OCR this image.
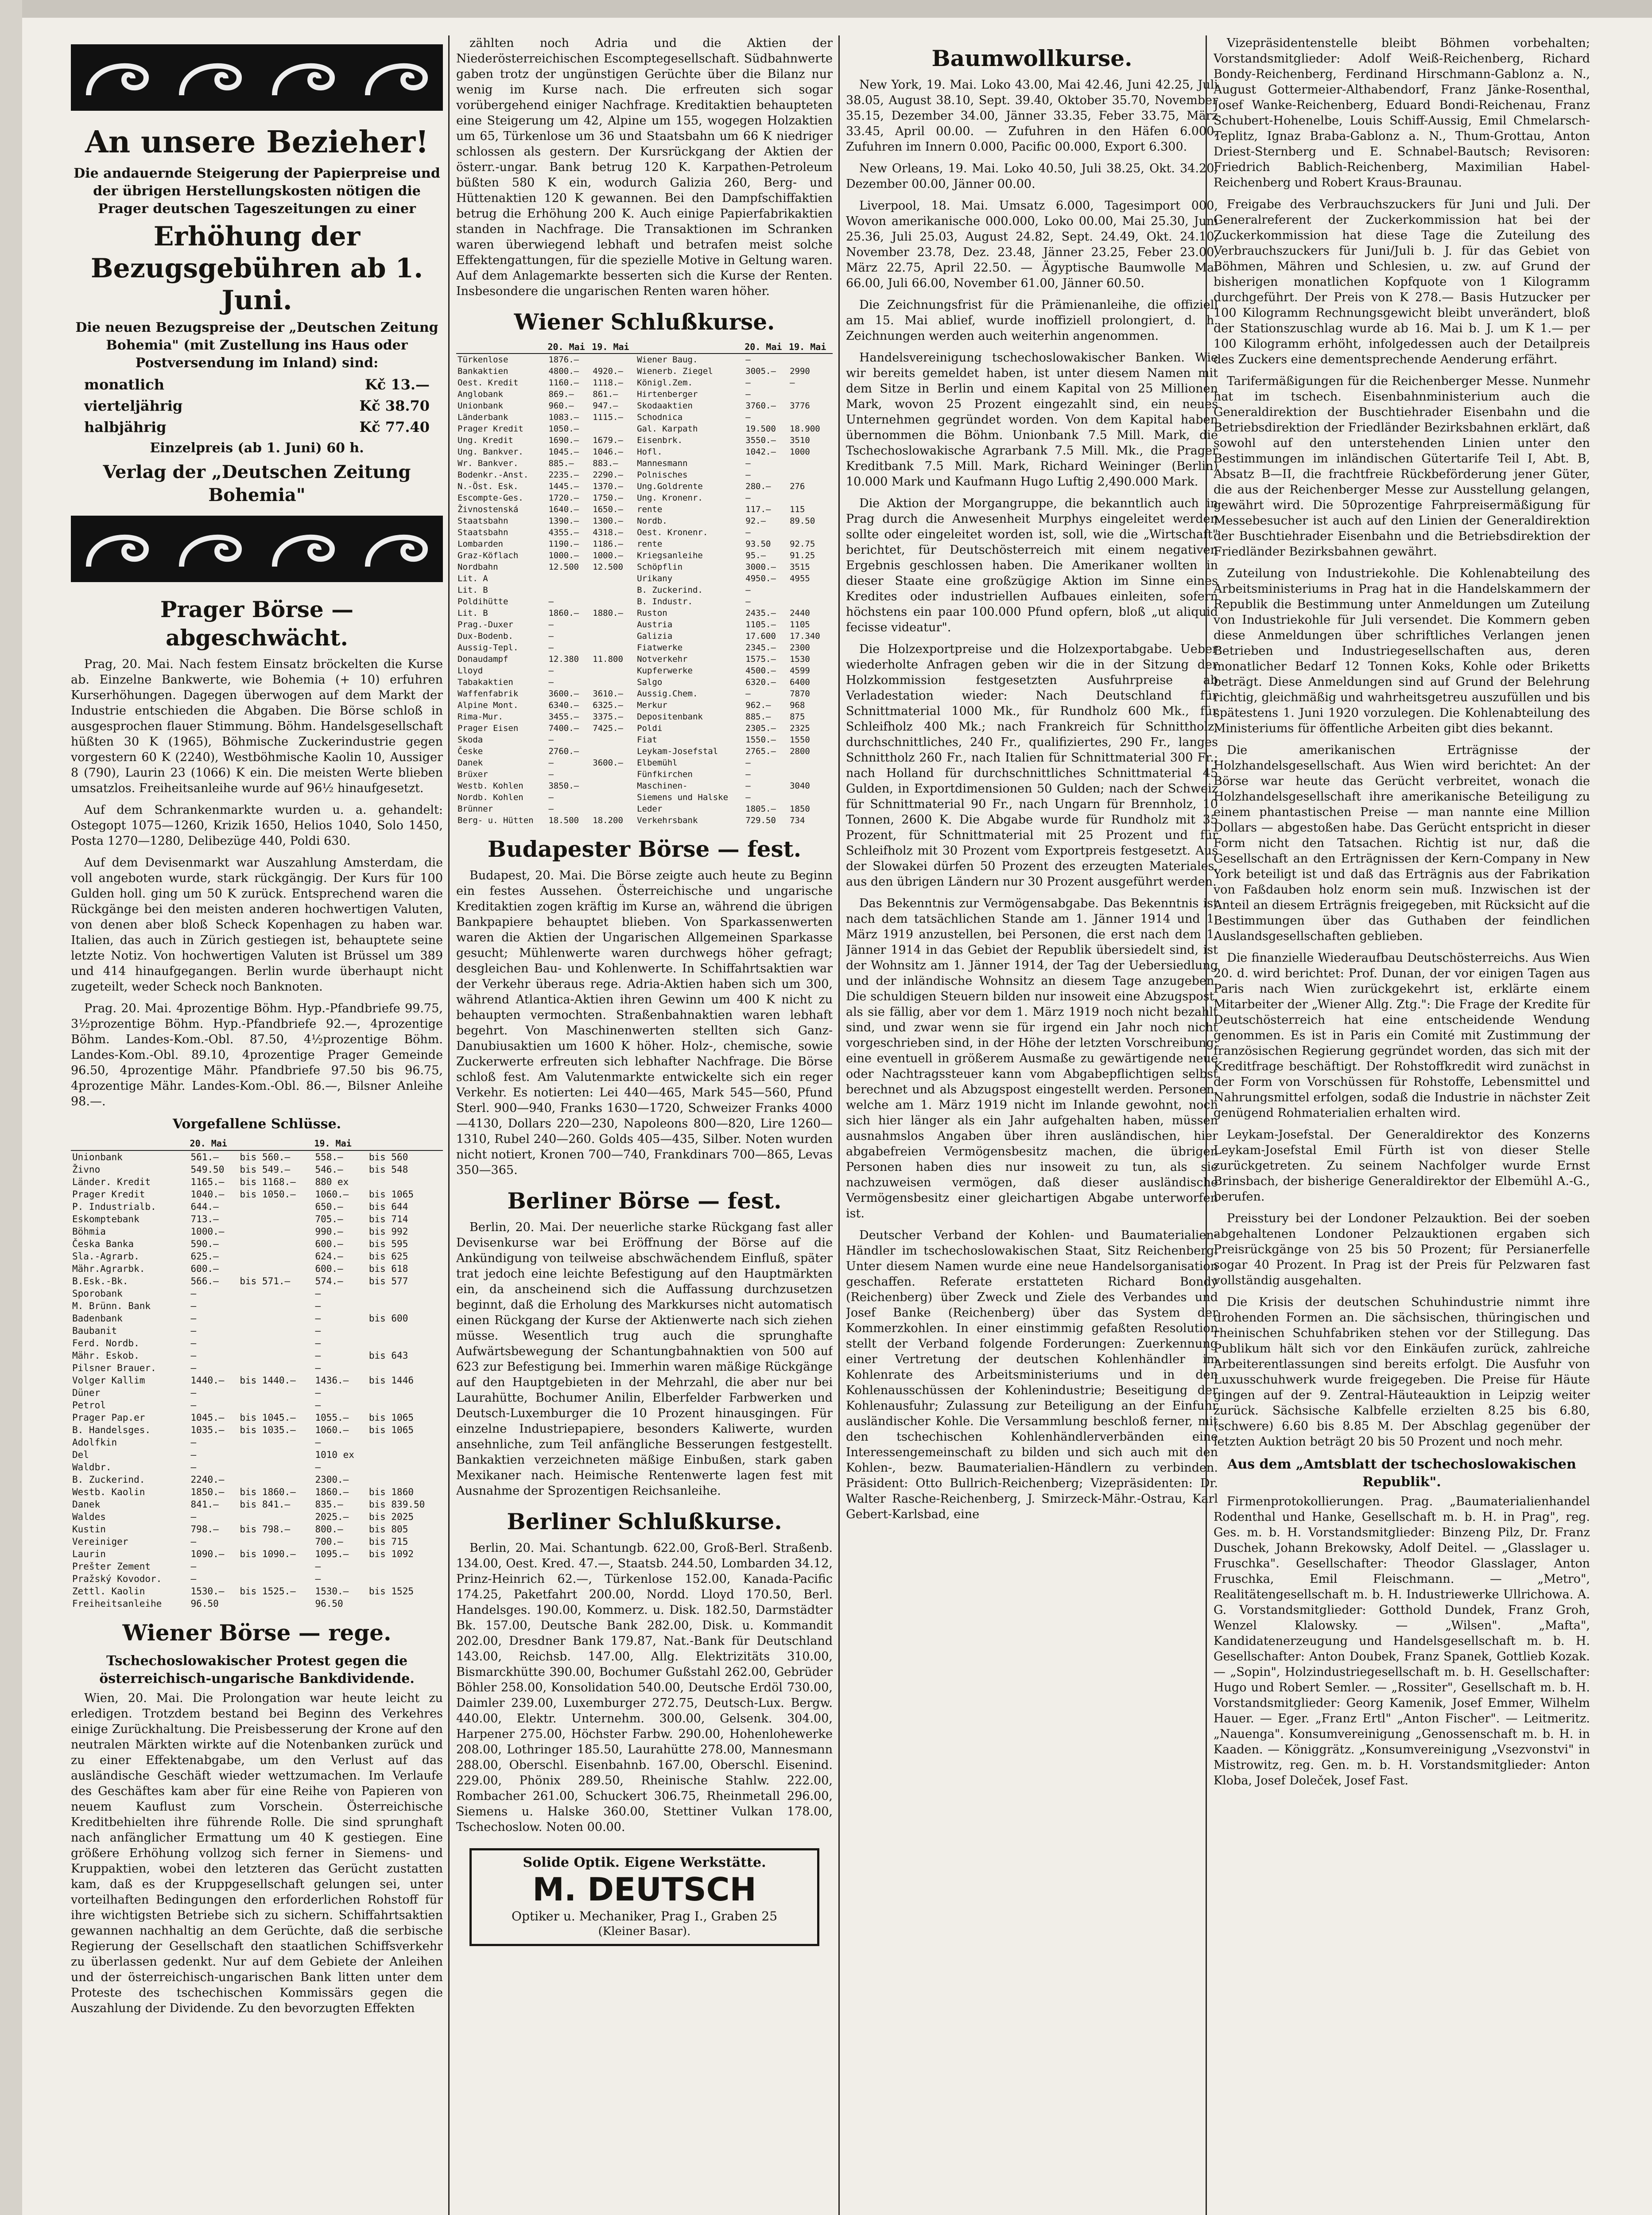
An unsere Bezieher!
Die andauernde Steigerung der Papierpreise und der übrigen Herstellungskosten nötigen die Prager deutschen Tageszeitungen zu einer
Erhöhung der Bezugsgebühren ab 1. Juni.
Die neuen Bezugspreise der „Deutschen Zeitung Bohemia" (mit Zustellung ins Haus oder Postversendung im Inland) sind:
monatlich	Kč 13.—
vierteljährig	Kč 38.70
halbjährig	Kč 77.40
Einzelpreis (ab 1. Juni) 60 h.
Verlag der „Deutschen Zeitung Bohemia"
Prager Börse — abgeschwächt.

Prag, 20. Mai. Nach festem Einsatz bröckelten die Kurse ab. Einzelne Bankwerte, wie Bohemia (+ 10) erfuhren Kurserhöhungen. Dagegen überwogen auf dem Markt der Industrie entschieden die Abgaben. Die Börse schloß in ausgesprochen flauer Stimmung. Böhm. Handelsgesellschaft hüßten 30 K (1965), Böhmische Zuckerindustrie gegen vorgestern 60 K (2240), Westböhmische Kaolin 10, Aussiger 8 (790), Laurin 23 (1066) K ein. Die meisten Werte blieben umsatzlos. Freiheitsanleihe wurde auf 96½ hinaufgesetzt.

Auf dem Schrankenmarkte wurden u. a. gehandelt: Ostegopt 1075—1260, Krizik 1650, Helios 1040, Solo 1450, Posta 1270—1280, Delibezüge 440, Poldi 630.

Auf dem Devisenmarkt war Auszahlung Amsterdam, die voll angeboten wurde, stark rückgängig. Der Kurs für 100 Gulden holl. ging um 50 K zurück. Entsprechend waren die Rückgänge bei den meisten anderen hochwertigen Valuten, von denen aber bloß Scheck Kopenhagen zu haben war. Italien, das auch in Zürich gestiegen ist, behauptete seine letzte Notiz. Von hochwertigen Valuten ist Brüssel um 389 und 414 hinaufgegangen. Berlin wurde überhaupt nicht zugeteilt, weder Scheck noch Banknoten.

Prag. 20. Mai. 4prozentige Böhm. Hyp.-Pfandbriefe 99.75, 3½prozentige Böhm. Hyp.-Pfandbriefe 92.—, 4prozentige Böhm. Landes-Kom.-Obl. 87.50, 4½prozentige Böhm. Landes-Kom.-Obl. 89.10, 4prozentige Prager Gemeinde 96.50, 4prozentige Mähr. Pfandbriefe 97.50 bis 96.75, 4prozentige Mähr. Landes-Kom.-Obl. 86.—, Bilsner Anleihe 98.—.

Vorgefallene Schlüsse.
	20. Mai		19. Mai	
Unionbank	561.—	bis 560.—	558.—	bis 560
Živno	549.50	bis 549.—	546.—	bis 548
Länder. Kredit	1165.—	bis 1168.—	880 ex	
Prager Kredit	1040.—	bis 1050.—	1060.—	bis 1065
P. Industrialb.	644.—		650.—	bis 644
Eskomptebank	713.—		705.—	bis 714
Böhmia	1000.—		990.—	bis 992
Česka Banka	590.—		600.—	bis 595
Sla.-Agrarb.	625.—		624.—	bis 625
Mähr.Agrarbk.	600.—		600.—	bis 618
B.Esk.-Bk.	566.—	bis 571.—	574.—	bis 577
Sporobank	—		—	
M. Brünn. Bank	—		—	
Badenbank	—		—	bis 600
Baubanit	—		—	
Ferd. Nordb.	—		—	
Mähr. Eskob.	—		—	bis 643
Pilsner Brauer.	—		—	
Volger Kallim	1440.—	bis 1440.—	1436.—	bis 1446
Düner	—		—	
Petrol	—		—	
Prager Pap.er	1045.—	bis 1045.—	1055.—	bis 1065
B. Handelsges.	1035.—	bis 1035.—	1060.—	bis 1065
Adolfkin	—		—	
Del	—		1010 ex	
Waldbr.	—		—	
B. Zuckerind.	2240.—		2300.—	
Westb. Kaolin	1850.—	bis 1860.—	1860.—	bis 1860
Danek	841.—	bis 841.—	835.—	bis 839.50
Waldes	—		2025.—	bis 2025
Kustin	798.—	bis 798.—	800.—	bis 805
Vereiniger	—		700.—	bis 715
Laurin	1090.—	bis 1090.—	1095.—	bis 1092
Prešter Zement	—		—	
Pražský Kovodor.	—		—	
Zettl. Kaolin	1530.—	bis 1525.—	1530.—	bis 1525
Freiheitsanleihe	96.50		96.50	
Wiener Börse — rege.
Tschechoslowakischer Protest gegen die österreichisch-ungarische Bankdividende.

Wien, 20. Mai. Die Prolongation war heute leicht zu erledigen. Trotzdem bestand bei Beginn des Verkehres einige Zurückhaltung. Die Preisbesserung der Krone auf den neutralen Märkten wirkte auf die Notenbanken zurück und zu einer Effektenabgabe, um den Verlust auf das ausländische Geschäft wieder wettzumachen. Im Verlaufe des Geschäftes kam aber für eine Reihe von Papieren von neuem Kauflust zum Vorschein. Österreichische Kreditbehielten ihre führende Rolle. Die sind sprunghaft nach anfänglicher Ermattung um 40 K gestiegen. Eine größere Erhöhung vollzog sich ferner in Siemens- und Kruppaktien, wobei den letzteren das Gerücht zustatten kam, daß es der Kruppgesellschaft gelungen sei, unter vorteilhaften Bedingungen den erforderlichen Rohstoff für ihre wichtigsten Betriebe sich zu sichern. Schiffahrtsaktien gewannen nachhaltig an dem Gerüchte, daß die serbische Regierung der Gesellschaft den staatlichen Schiffsverkehr zu überlassen gedenkt. Nur auf dem Gebiete der Anleihen und der österreichisch-ungarischen Bank litten unter dem Proteste des tschechischen Kommissärs gegen die Auszahlung der Dividende. Zu den bevorzugten Effekten

zählten noch Adria und die Aktien der Niederösterreichischen Escomptegesellschaft. Südbahnwerte gaben trotz der ungünstigen Gerüchte über die Bilanz nur wenig im Kurse nach. Die erfreuten sich sogar vorübergehend einiger Nachfrage. Kreditaktien behaupteten eine Steigerung um 42, Alpine um 155, wogegen Holzaktien um 65, Türkenlose um 36 und Staatsbahn um 66 K niedriger schlossen als gestern. Der Kursrückgang der Aktien der österr.-ungar. Bank betrug 120 K. Karpathen-Petroleum büßten 580 K ein, wodurch Galizia 260, Berg- und Hüttenaktien 120 K gewannen. Bei den Dampfschiffaktien betrug die Erhöhung 200 K. Auch einige Papierfabrikaktien standen in Nachfrage. Die Transaktionen im Schranken waren überwiegend lebhaft und betrafen meist solche Effektengattungen, für die spezielle Motive in Geltung waren. Auf dem Anlagemarkte besserten sich die Kurse der Renten. Insbesondere die ungarischen Renten waren höher.

Wiener Schlußkurse.
	20. Mai	19. Mai		20. Mai	19. Mai
Türkenlose	1876.—		Wiener Baug.	—	
Bankaktien	4800.—	4920.—	Wienerb. Ziegel	3005.—	2990
Oest. Kredit	1160.—	1118.—	Königl.Zem.	—	—
Anglobank	869.—	861.—	Hirtenberger	—	
Unionbank	960.—	947.—	Skodaaktien	3760.—	3776
Länderbank	1083.—	1115.—	Schodnica	—	
Prager Kredit	1050.—		Gal. Karpath	19.500	18.900
Ung. Kredit	1690.—	1679.—	Eisenbrk.	3550.—	3510
Ung. Bankver.	1045.—	1046.—	Hofl.	1042.—	1000
Wr. Bankver.	885.—	883.—	Mannesmann	—	
Bodenkr.-Anst.	2235.—	2290.—	Polnisches	—	
N.-Öst. Esk.	1445.—	1370.—	Ung.Goldrente	280.—	276
Escompte-Ges.	1720.—	1750.—	Ung. Kronenr.	—	
Živnostenská	1640.—	1650.—	rente	117.—	115
Staatsbahn	1390.—	1300.—	Nordb.	92.—	89.50
Staatsbahn	4355.—	4318.—	Oest. Kronenr.	—	
Lombarden	1190.—	1186.—	rente	93.50	92.75
Graz-Köflach	1000.—	1000.—	Kriegsanleihe	95.—	91.25
Nordbahn	12.500	12.500	Schöpflin	3000.—	3515
Lit. A			Urikany	4950.—	4955
Lit. B			B. Zuckerind.	—	
Poldihütte	—		B. Industr.	—	
Lit. B	1860.—	1880.—	Ruston	2435.—	2440
Prag.-Duxer	—		Austria	1105.—	1105
Dux-Bodenb.	—		Galizia	17.600	17.340
Aussig-Tepl.	—		Fiatwerke	2345.—	2300
Donaudampf	12.380	11.800	Notverkehr	1575.—	1530
Lloyd	—		Kupferwerke	4500.—	4599
Tabakaktien	—		Salgo	6320.—	6400
Waffenfabrik	3600.—	3610.—	Aussig.Chem.	—	7870
Alpine Mont.	6340.—	6325.—	Merkur	962.—	968
Rima-Mur.	3455.—	3375.—	Depositenbank	885.—	875
Prager Eisen	7400.—	7425.—	Poldi	2305.—	2325
Skoda	—		Fiat	1550.—	1550
Česke	2760.—		Leykam-Josefstal	2765.—	2800
Danek	—	3600.—	Elbemühl	—	
Brüxer	—		Fünfkirchen	—	
Westb. Kohlen	3850.—		Maschinen-	—	3040
Nordb. Kohlen	—		Siemens und Halske	—	
Brünner	—		Leder	1805.—	1850
Berg- u. Hütten	18.500	18.200	Verkehrsbank	729.50	734
Budapester Börse — fest.

Budapest, 20. Mai. Die Börse zeigte auch heute zu Beginn ein festes Aussehen. Österreichische und ungarische Kreditaktien zogen kräftig im Kurse an, während die übrigen Bankpapiere behauptet blieben. Von Sparkassenwerten waren die Aktien der Ungarischen Allgemeinen Sparkasse gesucht; Mühlenwerte waren durchwegs höher gefragt; desgleichen Bau- und Kohlenwerte. In Schiffahrtsaktien war der Verkehr überaus rege. Adria-Aktien haben sich um 300, während Atlantica-Aktien ihren Gewinn um 400 K nicht zu behaupten vermochten. Straßenbahnaktien waren lebhaft begehrt. Von Maschinenwerten stellten sich Ganz-Danubiusaktien um 1600 K höher. Holz-, chemische, sowie Zuckerwerte erfreuten sich lebhafter Nachfrage. Die Börse schloß fest. Am Valutenmarkte entwickelte sich ein reger Verkehr. Es notierten: Lei 440—465, Mark 545—560, Pfund Sterl. 900—940, Franks 1630—1720, Schweizer Franks 4000—4130, Dollars 220—230, Napoleons 800—820, Lire 1260—1310, Rubel 240—260. Golds 405—435, Silber. Noten wurden nicht notiert, Kronen 700—740, Frankdinars 700—865, Levas 350—365.

Berliner Börse — fest.

Berlin, 20. Mai. Der neuerliche starke Rückgang fast aller Devisenkurse war bei Eröffnung der Börse auf die Ankündigung von teilweise abschwächendem Einfluß, später trat jedoch eine leichte Befestigung auf den Hauptmärkten ein, da anscheinend sich die Auffassung durchzusetzen beginnt, daß die Erholung des Markkurses nicht automatisch einen Rückgang der Kurse der Aktienwerte nach sich ziehen müsse. Wesentlich trug auch die sprunghafte Aufwärtsbewegung der Schantungbahnaktien von 500 auf 623 zur Befestigung bei. Immerhin waren mäßige Rückgänge auf den Hauptgebieten in der Mehrzahl, die aber nur bei Laurahütte, Bochumer Anilin, Elberfelder Farbwerken und Deutsch-Luxemburger die 10 Prozent hinausgingen. Für einzelne Industriepapiere, besonders Kaliwerte, wurden ansehnliche, zum Teil anfängliche Besserungen festgestellt. Bankaktien verzeichneten mäßige Einbußen, stark gaben Mexikaner nach. Heimische Rentenwerte lagen fest mit Ausnahme der Sprozentigen Reichsanleihe.

Berliner Schlußkurse.

Berlin, 20. Mai. Schantungb. 622.00, Groß-Berl. Straßenb. 134.00, Oest. Kred. 47.—, Staatsb. 244.50, Lombarden 34.12, Prinz-Heinrich 62.—, Türkenlose 152.00, Kanada-Pacific 174.25, Paketfahrt 200.00, Nordd. Lloyd 170.50, Berl. Handelsges. 190.00, Kommerz. u. Disk. 182.50, Darmstädter Bk. 157.00, Deutsche Bank 282.00, Disk. u. Kommandit 202.00, Dresdner Bank 179.87, Nat.-Bank für Deutschland 143.00, Reichsb. 147.00, Allg. Elektrizitäts 310.00, Bismarckhütte 390.00, Bochumer Gußstahl 262.00, Gebrüder Böhler 258.00, Konsolidation 540.00, Deutsche Erdöl 730.00, Daimler 239.00, Luxemburger 272.75, Deutsch-Lux. Bergw. 440.00, Elektr. Unternehm. 300.00, Gelsenk. 304.00, Harpener 275.00, Höchster Farbw. 290.00, Hohenlohewerke 208.00, Lothringer 185.50, Laurahütte 278.00, Mannesmann 288.00, Oberschl. Eisenbahnb. 167.00, Oberschl. Eisenind. 229.00, Phönix 289.50, Rheinische Stahlw. 222.00, Rombacher 261.00, Schuckert 306.75, Rheinmetall 296.00, Siemens u. Halske 360.00, Stettiner Vulkan 178.00, Tschechoslow. Noten 00.00.

Solide Optik. Eigene Werkstätte.
M. DEUTSCH
Optiker u. Mechaniker, Prag I., Graben 25
(Kleiner Basar).
Baumwollkurse.

New York, 19. Mai. Loko 43.00, Mai 42.46, Juni 42.25, Juli 38.05, August 38.10, Sept. 39.40, Oktober 35.70, November 35.15, Dezember 34.00, Jänner 33.35, Feber 33.75, März 33.45, April 00.00. — Zufuhren in den Häfen 6.000, Zufuhren im Innern 0.000, Pacific 00.000, Export 6.300.

New Orleans, 19. Mai. Loko 40.50, Juli 38.25, Okt. 34.20, Dezember 00.00, Jänner 00.00.

Liverpool, 18. Mai. Umsatz 6.000, Tagesimport 000, Wovon amerikanische 000.000, Loko 00.00, Mai 25.30, Juni 25.36, Juli 25.03, August 24.82, Sept. 24.49, Okt. 24.10, November 23.78, Dez. 23.48, Jänner 23.25, Feber 23.00, März 22.75, April 22.50. — Ägyptische Baumwolle Mai 66.00, Juli 66.00, November 61.00, Jänner 60.50.

Die Zeichnungsfrist für die Prämienanleihe, die offiziell am 15. Mai ablief, wurde inoffiziell prolongiert, d. h. Zeichnungen werden auch weiterhin angenommen.

Handelsvereinigung tschechoslowakischer Banken. Wie wir bereits gemeldet haben, ist unter diesem Namen mit dem Sitze in Berlin und einem Kapital von 25 Millionen Mark, wovon 25 Prozent eingezahlt sind, ein neues Unternehmen gegründet worden. Von dem Kapital haben übernommen die Böhm. Unionbank 7.5 Mill. Mark, die Tschechoslowakische Agrarbank 7.5 Mill. Mk., die Prager Kreditbank 7.5 Mill. Mark, Richard Weininger (Berlin) 10.000 Mark und Kaufmann Hugo Luftig 2,490.000 Mark.

Die Aktion der Morgangruppe, die bekanntlich auch in Prag durch die Anwesenheit Murphys eingeleitet werden sollte oder eingeleitet worden ist, soll, wie die „Wirtschaft" berichtet, für Deutschösterreich mit einem negativen Ergebnis geschlossen haben. Die Amerikaner wollten in dieser Staate eine großzügige Aktion im Sinne eines Kredites oder industriellen Aufbaues einleiten, sofern höchstens ein paar 100.000 Pfund opfern, bloß „ut aliquid fecisse videatur".

Die Holzexportpreise und die Holzexportabgabe. Ueber wiederholte Anfragen geben wir die in der Sitzung der Holzkommission festgesetzten Ausfuhrpreise ab Verladestation wieder: Nach Deutschland für Schnittmaterial 1000 Mk., für Rundholz 600 Mk., für Schleifholz 400 Mk.; nach Frankreich für Schnittholz, durchschnittliches, 240 Fr., qualifiziertes, 290 Fr., langes Schnittholz 260 Fr., nach Italien für Schnittmaterial 300 Fr.; nach Holland für durchschnittliches Schnittmaterial 45 Gulden, in Exportdimensionen 50 Gulden; nach der Schweiz für Schnittmaterial 90 Fr., nach Ungarn für Brennholz, 10 Tonnen, 2600 K. Die Abgabe wurde für Rundholz mit 35 Prozent, für Schnittmaterial mit 25 Prozent und für Schleifholz mit 30 Prozent vom Exportpreis festgesetzt. Aus der Slowakei dürfen 50 Prozent des erzeugten Materiales, aus den übrigen Ländern nur 30 Prozent ausgeführt werden.

Das Bekenntnis zur Vermögensabgabe. Das Bekenntnis ist nach dem tatsächlichen Stande am 1. Jänner 1914 und 1. März 1919 anzustellen, bei Personen, die erst nach dem 1. Jänner 1914 in das Gebiet der Republik übersiedelt sind, ist der Wohnsitz am 1. Jänner 1914, der Tag der Uebersiedlung und der inländische Wohnsitz an diesem Tage anzugeben. Die schuldigen Steuern bilden nur insoweit eine Abzugspost, als sie fällig, aber vor dem 1. März 1919 noch nicht bezahlt sind, und zwar wenn sie für irgend ein Jahr noch nicht vorgeschrieben sind, in der Höhe der letzten Vorschreibung; eine eventuell in größerem Ausmaße zu gewärtigende neue oder Nachtragssteuer kann vom Abgabepflichtigen selbst berechnet und als Abzugspost eingestellt werden. Personen, welche am 1. März 1919 nicht im Inlande gewohnt, noch sich hier länger als ein Jahr aufgehalten haben, müssen ausnahmslos Angaben über ihren ausländischen, hier abgabefreien Vermögensbesitz machen, die übrigen Personen haben dies nur insoweit zu tun, als sie nachzuweisen vermögen, daß dieser ausländische Vermögensbesitz einer gleichartigen Abgabe unterworfen ist.

Deutscher Verband der Kohlen- und Baumaterialien-Händler im tschechoslowakischen Staat, Sitz Reichenberg. Unter diesem Namen wurde eine neue Handelsorganisation geschaffen. Referate erstatteten Richard Bondy (Reichenberg) über Zweck und Ziele des Verbandes und Josef Banke (Reichenberg) über das System der Kommerzkohlen. In einer einstimmig gefaßten Resolution stellt der Verband folgende Forderungen: Zuerkennung einer Vertretung der deutschen Kohlenhändler im Kohlenrate des Arbeitsministeriums und in den Kohlenausschüssen der Kohlenindustrie; Beseitigung der Kohlenausfuhr; Zulassung zur Beteiligung an der Einfuhr ausländischer Kohle. Die Versammlung beschloß ferner, mit den tschechischen Kohlenhändlerverbänden eine Interessengemeinschaft zu bilden und sich auch mit den Kohlen-, bezw. Baumaterialien-Händlern zu verbinden. Präsident: Otto Bullrich-Reichenberg; Vizepräsidenten: Dr. Walter Rasche-Reichenberg, J. Smirzeck-Mähr.-Ostrau, Karl Gebert-Karlsbad, eine

Vizepräsidentenstelle bleibt Böhmen vorbehalten; Vorstandsmitglieder: Adolf Weiß-Reichenberg, Richard Bondy-Reichenberg, Ferdinand Hirschmann-Gablonz a. N., August Gottermeier-Althabendorf, Franz Jänke-Rosenthal, Josef Wanke-Reichenberg, Eduard Bondi-Reichenau, Franz Schubert-Hohenelbe, Louis Schiff-Aussig, Emil Chmelarsch-Teplitz, Ignaz Braba-Gablonz a. N., Thum-Grottau, Anton Driest-Sternberg und E. Schnabel-Bautsch; Revisoren: Friedrich Bablich-Reichenberg, Maximilian Habel-Reichenberg und Robert Kraus-Braunau.

Freigabe des Verbrauchszuckers für Juni und Juli. Der Generalreferent der Zuckerkommission hat bei der Zuckerkommission hat diese Tage die Zuteilung des Verbrauchszuckers für Juni/Juli b. J. für das Gebiet von Böhmen, Mähren und Schlesien, u. zw. auf Grund der bisherigen monatlichen Kopfquote von 1 Kilogramm durchgeführt. Der Preis von K 278.— Basis Hutzucker per 100 Kilogramm Rechnungsgewicht bleibt unverändert, bloß der Stationszuschlag wurde ab 16. Mai b. J. um K 1.— per 100 Kilogramm erhöht, infolgedessen auch der Detailpreis des Zuckers eine dementsprechende Aenderung erfährt.

Tarifermäßigungen für die Reichenberger Messe. Nunmehr hat im tschech. Eisenbahnministerium auch die Generaldirektion der Buschtiehrader Eisenbahn und die Betriebsdirektion der Friedländer Bezirksbahnen erklärt, daß sowohl auf den unterstehenden Linien unter den Bestimmungen im inländischen Gütertarife Teil I, Abt. B, Absatz B—II, die frachtfreie Rückbeförderung jener Güter, die aus der Reichenberger Messe zur Ausstellung gelangen, gewährt wird. Die 50prozentige Fahrpreisermäßigung für Messebesucher ist auch auf den Linien der Generaldirektion der Buschtiehrader Eisenbahn und die Betriebsdirektion der Friedländer Bezirksbahnen gewährt.

Zuteilung von Industriekohle. Die Kohlenabteilung des Arbeitsministeriums in Prag hat in die Handelskammern der Republik die Bestimmung unter Anmeldungen um Zuteilung von Industriekohle für Juli versendet. Die Kommern geben diese Anmeldungen über schriftliches Verlangen jenen Betrieben und Industriegesellschaften aus, deren monatlicher Bedarf 12 Tonnen Koks, Kohle oder Briketts beträgt. Diese Anmeldungen sind auf Grund der Belehrung richtig, gleichmäßig und wahrheitsgetreu auszufüllen und bis spätestens 1. Juni 1920 vorzulegen. Die Kohlenabteilung des Ministeriums für öffentliche Arbeiten gibt dies bekannt.

Die amerikanischen Erträgnisse der Holzhandelsgesellschaft. Aus Wien wird berichtet: An der Börse war heute das Gerücht verbreitet, wonach die Holzhandelsgesellschaft ihre amerikanische Beteiligung zu einem phantastischen Preise — man nannte eine Million Dollars — abgestoßen habe. Das Gerücht entspricht in dieser Form nicht den Tatsachen. Richtig ist nur, daß die Gesellschaft an den Erträgnissen der Kern-Company in New York beteiligt ist und daß das Erträgnis aus der Fabrikation von Faßdauben holz enorm sein muß. Inzwischen ist der Anteil an diesem Erträgnis freigegeben, mit Rücksicht auf die Bestimmungen über das Guthaben der feindlichen Auslandsgesellschaften geblieben.

Die finanzielle Wiederaufbau Deutschösterreichs. Aus Wien 20. d. wird berichtet: Prof. Dunan, der vor einigen Tagen aus Paris nach Wien zurückgekehrt ist, erklärte einem Mitarbeiter der „Wiener Allg. Ztg.": Die Frage der Kredite für Deutschösterreich hat eine entscheidende Wendung genommen. Es ist in Paris ein Comité mit Zustimmung der französischen Regierung gegründet worden, das sich mit der Kreditfrage beschäftigt. Der Rohstoffkredit wird zunächst in der Form von Vorschüssen für Rohstoffe, Lebensmittel und Nahrungsmittel erfolgen, sodaß die Industrie in nächster Zeit genügend Rohmaterialien erhalten wird.

Leykam-Josefstal. Der Generaldirektor des Konzerns Leykam-Josefstal Emil Fürth ist von dieser Stelle zurückgetreten. Zu seinem Nachfolger wurde Ernst Brinsbach, der bisherige Generaldirektor der Elbemühl A.-G., berufen.

Preisstury bei der Londoner Pelzauktion. Bei der soeben abgehaltenen Londoner Pelzauktionen ergaben sich Preisrückgänge von 25 bis 50 Prozent; für Persianerfelle sogar 40 Prozent. In Prag ist der Preis für Pelzwaren fast vollständig ausgehalten.

Die Krisis der deutschen Schuhindustrie nimmt ihre drohenden Formen an. Die sächsischen, thüringischen und rheinischen Schuhfabriken stehen vor der Stillegung. Das Publikum hält sich vor den Einkäufen zurück, zahlreiche Arbeiterentlassungen sind bereits erfolgt. Die Ausfuhr von Luxusschuhwerk wurde freigegeben. Die Preise für Häute gingen auf der 9. Zentral-Häuteauktion in Leipzig weiter zurück. Sächsische Kalbfelle erzielten 8.25 bis 6.80, (schwere) 6.60 bis 8.85 M. Der Abschlag gegenüber der letzten Auktion beträgt 20 bis 50 Prozent und noch mehr.

Aus dem „Amtsblatt der tschechoslowakischen Republik".

Firmenprotokollierungen. Prag. „Baumaterialienhandel Rodenthal und Hanke, Gesellschaft m. b. H. in Prag", reg. Ges. m. b. H. Vorstandsmitglieder: Binzeng Pilz, Dr. Franz Duschek, Johann Brekowsky, Adolf Deitel. — „Glasslager u. Fruschka". Gesellschafter: Theodor Glasslager, Anton Fruschka, Emil Fleischmann. — „Metro", Realitätengesellschaft m. b. H. Industriewerke Ullrichowa. A. G. Vorstandsmitglieder: Gotthold Dundek, Franz Groh, Wenzel Klalowsky. — „Wilsen". „Mafta", Kandidatenerzeugung und Handelsgesellschaft m. b. H. Gesellschafter: Anton Doubek, Franz Spanek, Gottlieb Kozak. — „Sopin", Holzindustriegesellschaft m. b. H. Gesellschafter: Hugo und Robert Semler. — „Rossiter", Gesellschaft m. b. H. Vorstandsmitglieder: Georg Kamenik, Josef Emmer, Wilhelm Hauer. — Eger. „Franz Ertl" „Anton Fischer". — Leitmeritz. „Nauenga". Konsumvereinigung „Genossenschaft m. b. H. in Kaaden. — Königgrätz. „Konsumvereinigung „Vsezvonstvi" in Mistrowitz, reg. Gen. m. b. H. Vorstandsmitglieder: Anton Kloba, Josef Doleček, Josef Fast.
